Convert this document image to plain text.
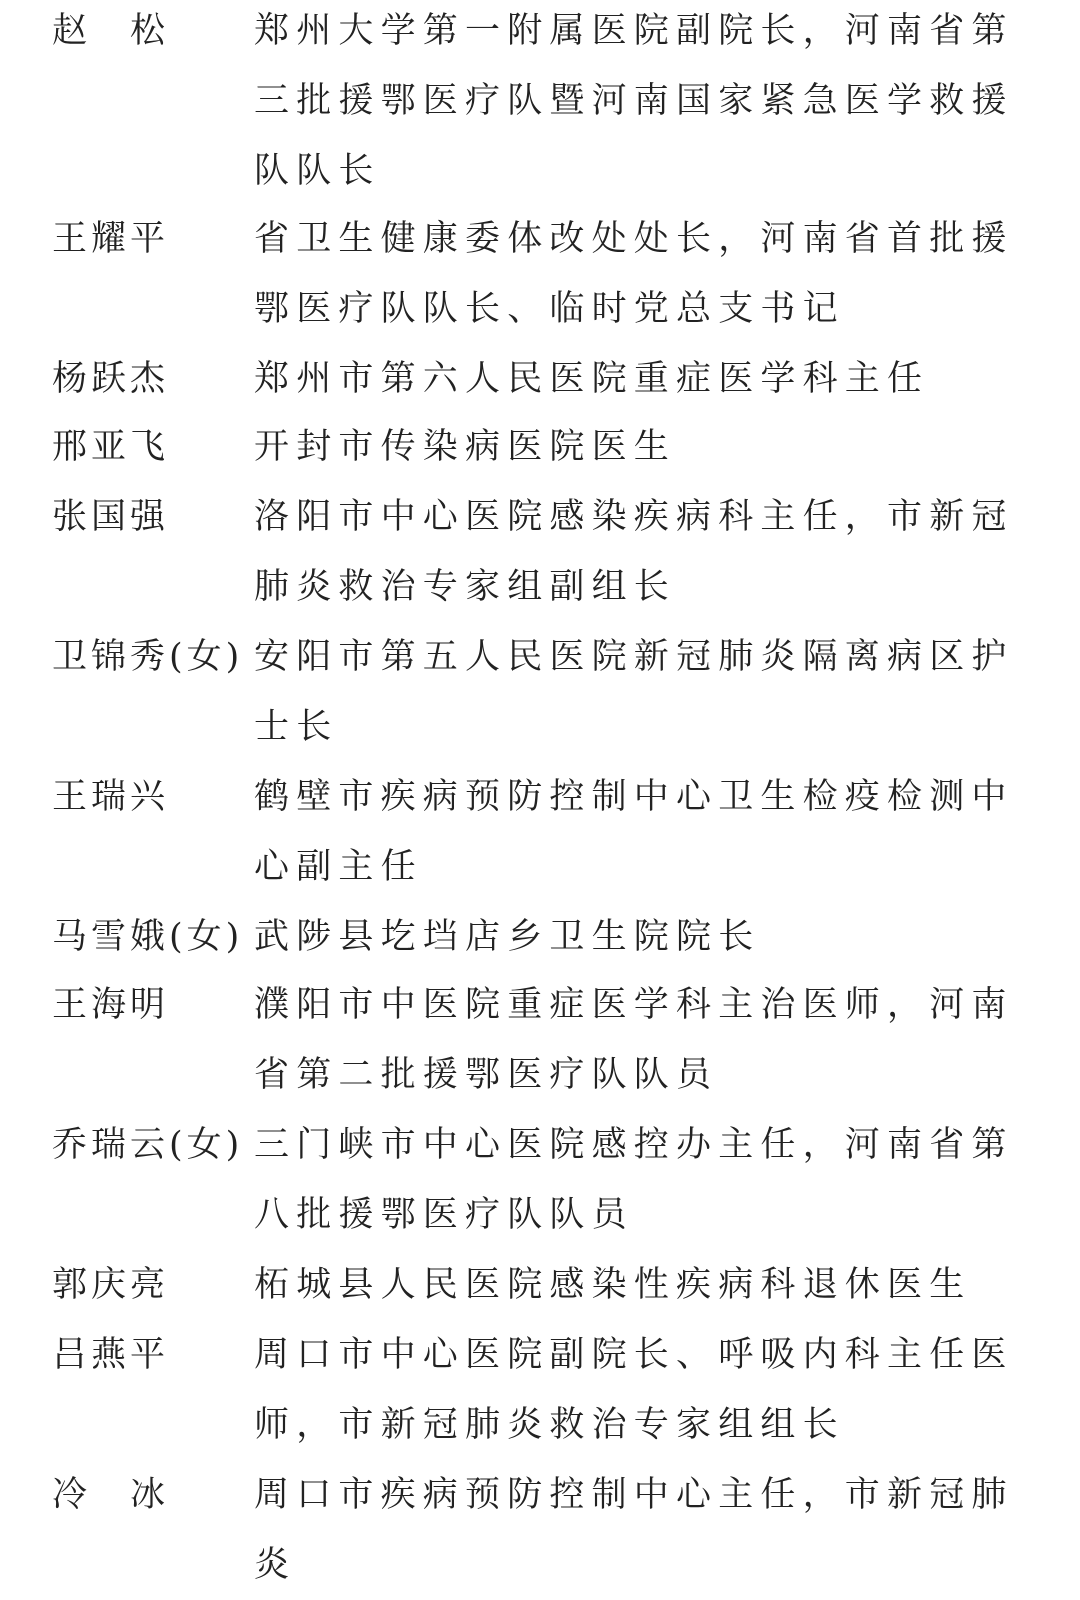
赵　松	郑州大学第一附属医院副院长，河南省第三批援鄂医疗队暨河南国家紧急医学救援队队长
王耀平	省卫生健康委体改处处长，河南省首批援鄂医疗队队长、临时党总支书记
杨跃杰	郑州市第六人民医院重症医学科主任
邢亚飞	开封市传染病医院医生
张国强	洛阳市中心医院感染疾病科主任，市新冠肺炎救治专家组副组长
卫锦秀(女) 安阳市第五人民医院新冠肺炎隔离病区护士长
王瑞兴	鹤壁市疾病预防控制中心卫生检疫检测中心副主任
马雪娥(女) 武陟县圪垱店乡卫生院院长
王海明	濮阳市中医院重症医学科主治医师，河南省第二批援鄂医疗队队员
乔瑞云(女) 三门峡市中心医院感控办主任，河南省第八批援鄂医疗队队员
郭庆亮	柘城县人民医院感染性疾病科退休医生
吕燕平	周口市中心医院副院长、呼吸内科主任医师，市新冠肺炎救治专家组组长
冷　冰	周口市疾病预防控制中心主任，市新冠肺炎
